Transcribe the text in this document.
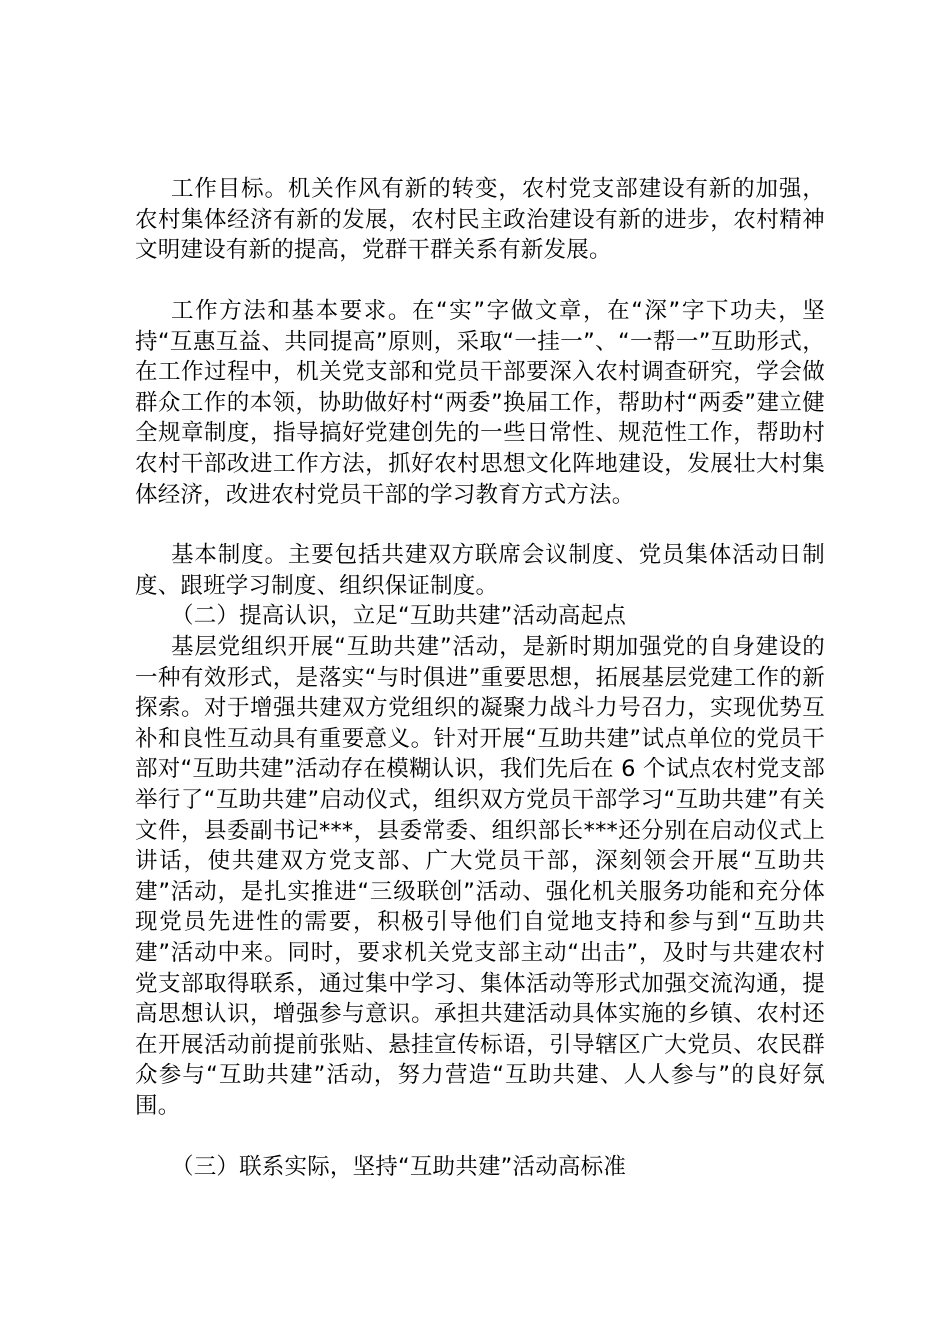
工作目标。机关作风有新的转变，农村党支部建设有新的加强，农村集体经济有新的发展，农村民主政治建设有新的进步，农村精神文明建设有新的提高，党群干群关系有新发展。

工作方法和基本要求。在“实”字做文章，在“深”字下功夫，坚持“互惠互益、共同提高”原则，采取“一挂一”、“一帮一”互助形式，在工作过程中，机关党支部和党员干部要深入农村调查研究，学会做群众工作的本领，协助做好村“两委”换届工作，帮助村“两委”建立健全规章制度，指导搞好党建创先的一些日常性、规范性工作，帮助村农村干部改进工作方法，抓好农村思想文化阵地建设，发展壮大村集体经济，改进农村党员干部的学习教育方式方法。

基本制度。主要包括共建双方联席会议制度、党员集体活动日制度、跟班学习制度、组织保证制度。

（二）提高认识，立足“互助共建”活动高起点

基层党组织开展“互助共建”活动，是新时期加强党的自身建设的一种有效形式，是落实“与时俱进”重要思想，拓展基层党建工作的新探索。对于增强共建双方党组织的凝聚力战斗力号召力，实现优势互补和良性互动具有重要意义。针对开展“互助共建”试点单位的党员干部对“互助共建”活动存在模糊认识，我们先后在 6 个试点农村党支部举行了“互助共建”启动仪式，组织双方党员干部学习“互助共建”有关文件，县委副书记***，县委常委、组织部长***还分别在启动仪式上讲话，使共建双方党支部、广大党员干部，深刻领会开展“互助共建”活动，是扎实推进“三级联创”活动、强化机关服务功能和充分体现党员先进性的需要，积极引导他们自觉地支持和参与到“互助共建”活动中来。同时，要求机关党支部主动“出击”，及时与共建农村党支部取得联系，通过集中学习、集体活动等形式加强交流沟通，提高思想认识，增强参与意识。承担共建活动具体实施的乡镇、农村还在开展活动前提前张贴、悬挂宣传标语，引导辖区广大党员、农民群众参与“互助共建”活动，努力营造“互助共建、人人参与”的良好氛围。

（三）联系实际，坚持“互助共建”活动高标准
